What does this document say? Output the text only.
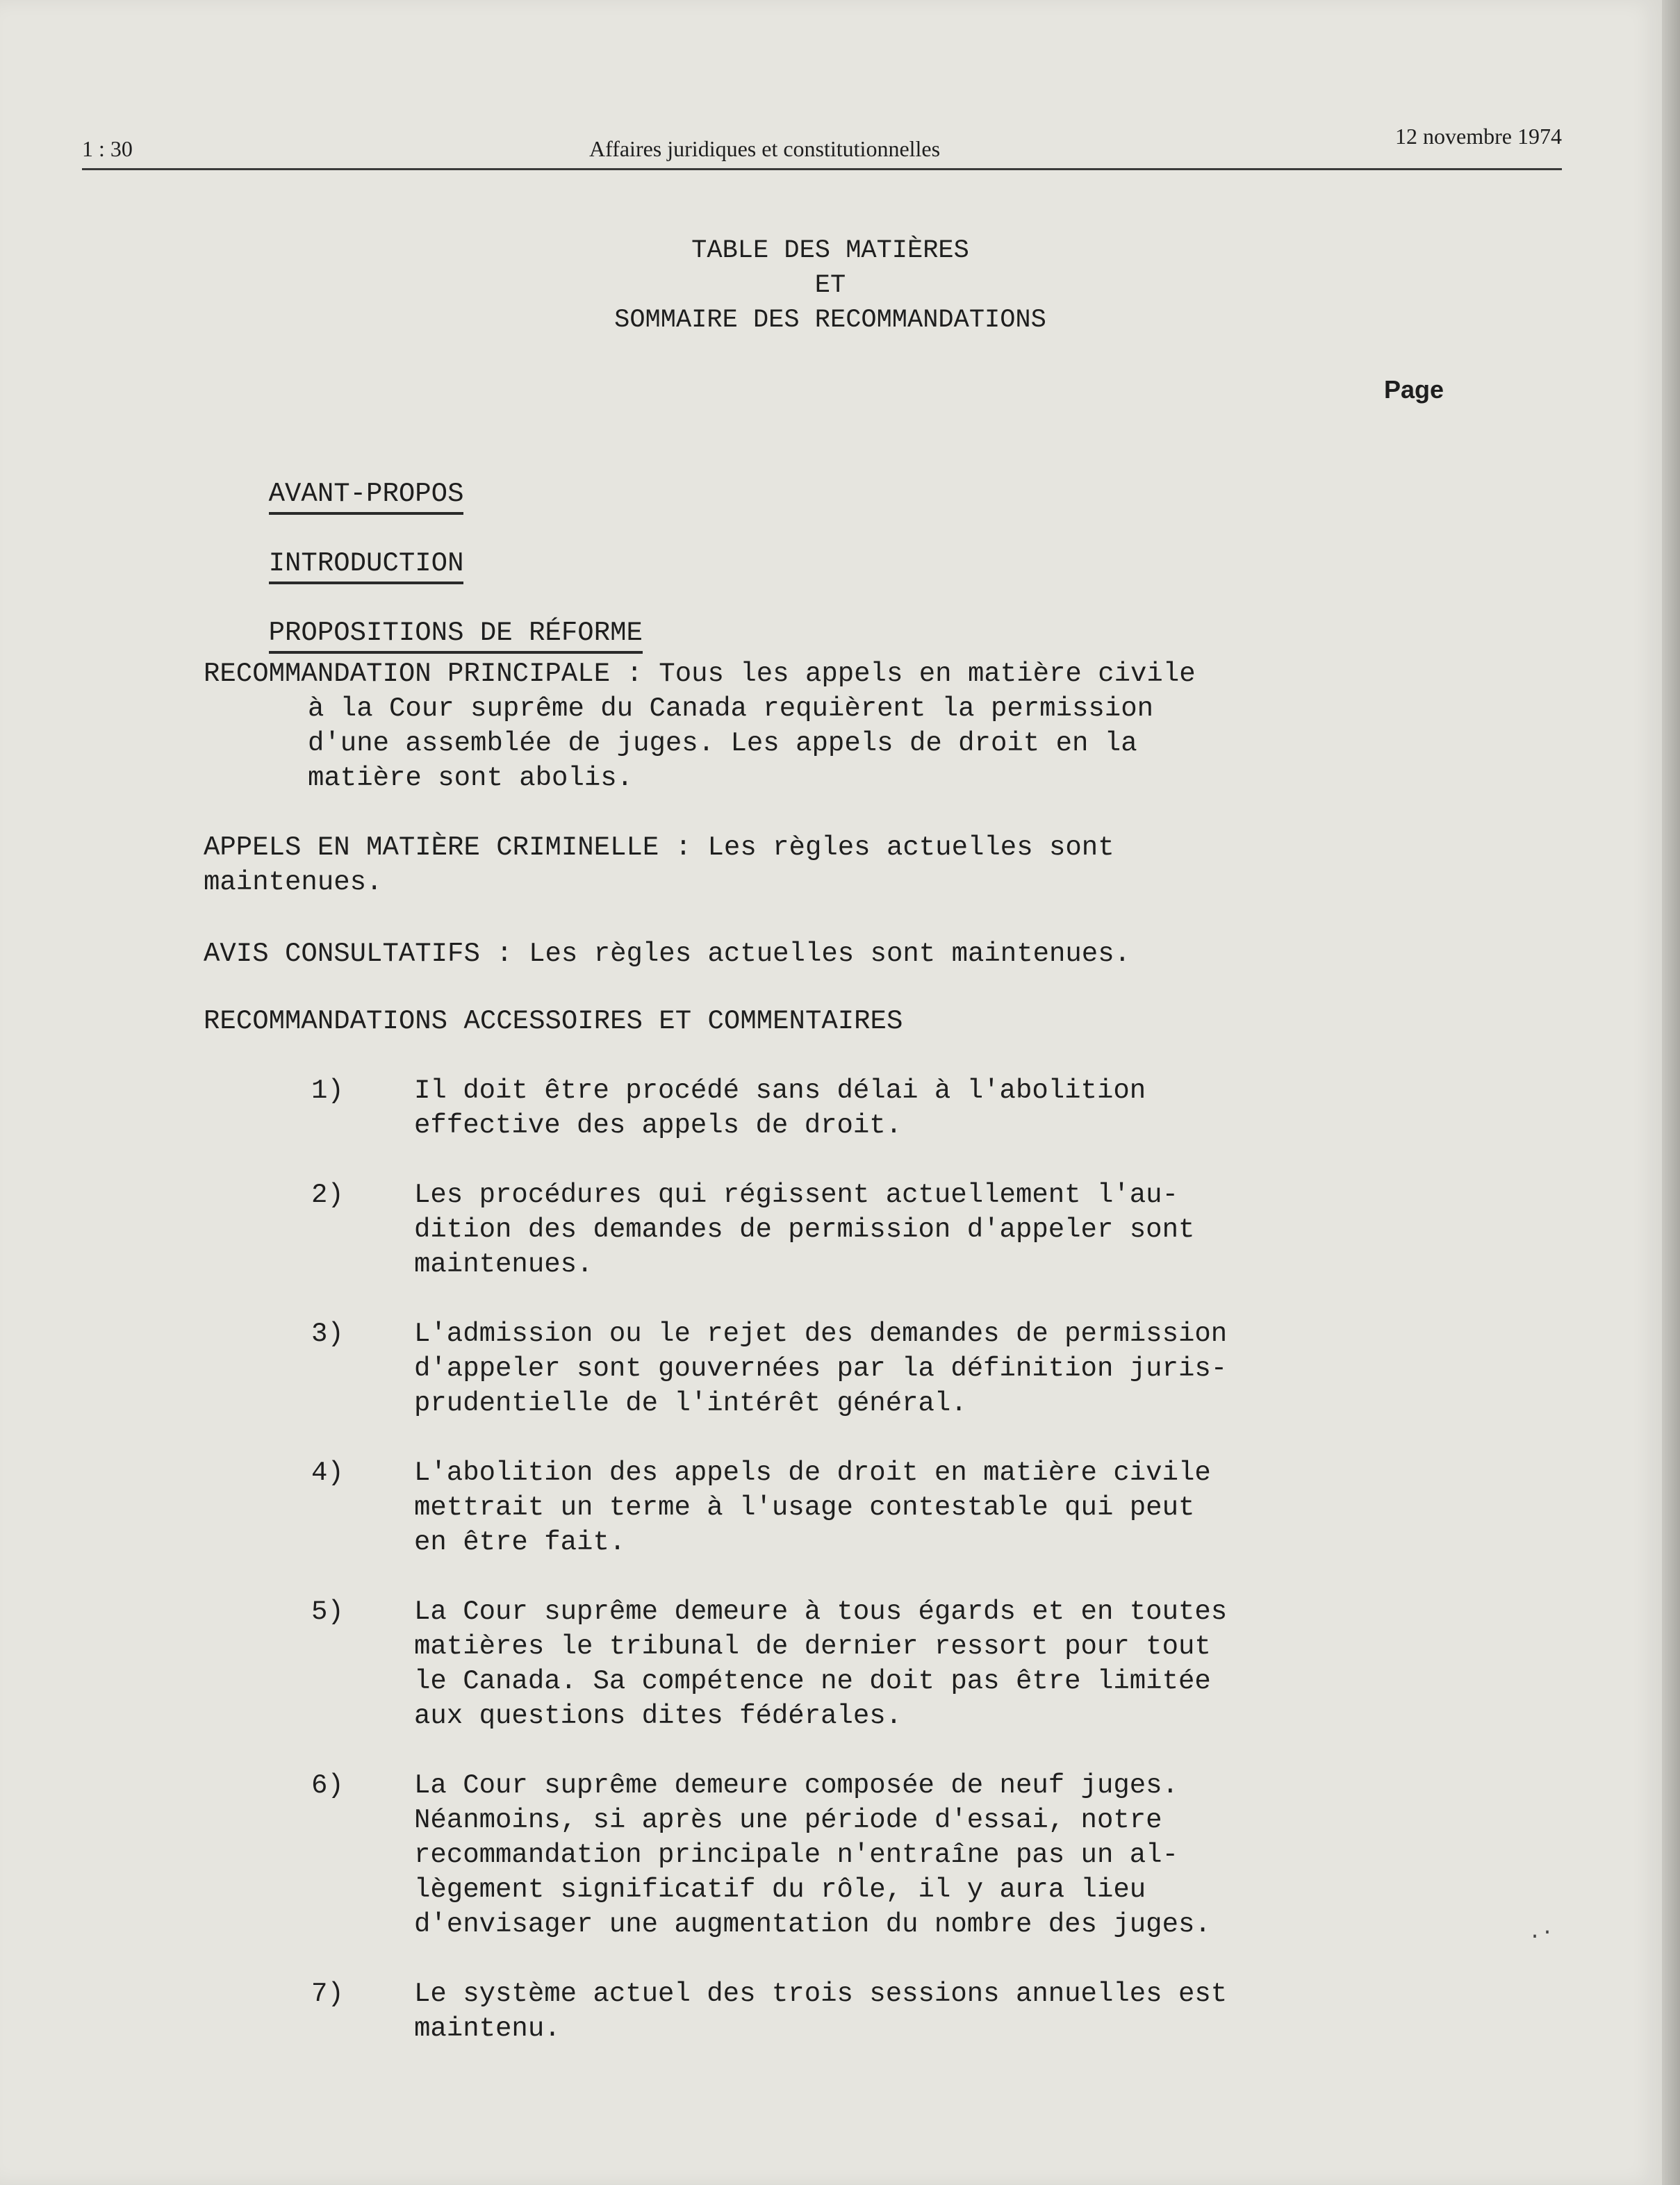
1 : 30	Affaires juridiques et constitutionnelles	12 novembre 1974
TABLE DES MATIÈRES
ET
SOMMAIRE DES RECOMMANDATIONS
Page

AVANT-PROPOS

INTRODUCTION

PROPOSITIONS DE RÉFORME

RECOMMANDATION PRINCIPALE : Tous les appels en matière civile
à la Cour suprême du Canada requièrent la permission
d'une assemblée de juges. Les appels de droit en la
matière sont abolis.
APPELS EN MATIÈRE CRIMINELLE : Les règles actuelles sont
maintenues.
AVIS CONSULTATIFS : Les règles actuelles sont maintenues.
RECOMMANDATIONS ACCESSOIRES ET COMMENTAIRES
1)	Il doit être procédé sans délai à l'abolition
effective des appels de droit.
2)	Les procédures qui régissent actuellement l'au-
dition des demandes de permission d'appeler sont
maintenues.
3)	L'admission ou le rejet des demandes de permission
d'appeler sont gouvernées par la définition juris-
prudentielle de l'intérêt général.
4)	L'abolition des appels de droit en matière civile
mettrait un terme à l'usage contestable qui peut
en être fait.
5)	La Cour suprême demeure à tous égards et en toutes
matières le tribunal de dernier ressort pour tout
le Canada. Sa compétence ne doit pas être limitée
aux questions dites fédérales.
6)	La Cour suprême demeure composée de neuf juges.
Néanmoins, si après une période d'essai, notre
recommandation principale n'entraîne pas un al-
lègement significatif du rôle, il y aura lieu
d'envisager une augmentation du nombre des juges.
7)	Le système actuel des trois sessions annuelles est
maintenu.
.·
